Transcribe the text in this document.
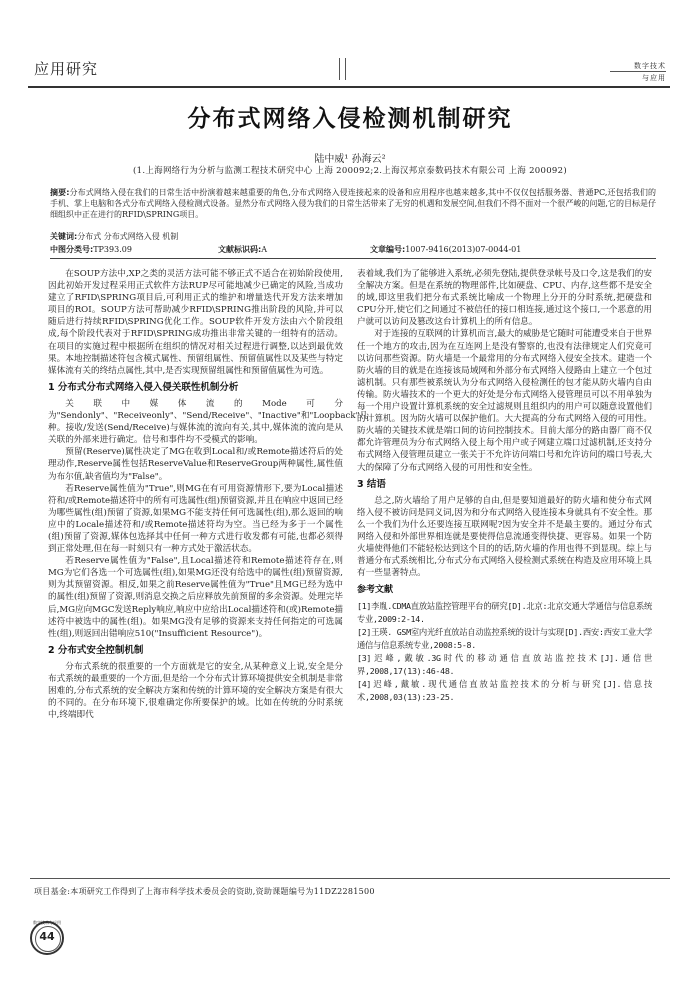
应用研究	数字技术
与应用
分布式网络入侵检测机制研究
陆中威¹ 孙海云²
(1.上海网络行为分析与监测工程技术研究中心 上海 200092;2.上海汉邦京泰数码技术有限公司 上海 200092)
摘要:分布式网络入侵在我们的日常生活中扮演着越来越重要的角色,分布式网络入侵连接起来的设备和应用程序也越来越多,其中不仅仅包括服务器、普通PC,还包括我们的手机、掌上电脑和各式分布式网络入侵检测式设备。显然分布式网络入侵为我们的日常生活带来了无穷的机遇和发展空间,但我们不得不面对一个很严峻的问题,它的目标是仔细组织中正在进行的RFID\SPRING项目。
关键词:分布式 分布式网络入侵 机制
中图分类号:TP393.09	文献标识码:A	文章编号:1007-9416(2013)07-0044-01

在SOUP方法中,XP之类的灵活方法可能不够正式不适合在初始阶段使用,因此初始开发过程采用正式软件方法RUP尽可能地减少已确定的风险,当成功建立了RFID\SPRING项目后,可利用正式的维护和增量迭代开发方法来增加项目的ROI。SOUP方法可帮助减少RFID\SPRING推出阶段的风险,并可以随后进行持续RFID\SPRING优化工作。SOUP软件开发方法由六个阶段组成,每个阶段代表对于RFID\SPRING成功推出非常关键的一组特有的活动。在项目的实施过程中根据所在组织的情况对相关过程进行调整,以达到最优效果。本地控制描述符包含模式属性、预留组属性、预留值属性以及某些与特定媒体流有关的终结点属性,其中,是否实现预留组属性和预留值属性为可选。

1 分布式分布式网络入侵入侵关联性机制分析

关联中媒体流的Mode可分为"Sendonly"、"Receiveonly"、"Send/Receive"、"Inactive"和"Loopback"几种。接收/发送(Send/Receive)与媒体流的流向有关,其中,媒体流的流向是从关联的外部来进行确定。信号和事件均不受模式的影响。

预留(Reserve)属性决定了MG在收到Local和/或Remote描述符后的处理动作,Reserve属性包括ReserveValue和ReserveGroup两种属性,属性值为布尔值,缺省值均为"False"。

若Reserve属性值为"True",则MG在有可用资源情形下,要为Local描述符和/或Remote描述符中的所有可选属性(组)预留资源,并且在响应中返回已经为哪些属性(组)预留了资源,如果MG不能支持任何可选属性(组),那么返回的响应中的Locale描述符和/或Remote描述符均为空。当已经为多于一个属性(组)预留了资源,媒体包选择其中任何一种方式进行收发都有可能,也都必须得到正常处理,但在每一时刻只有一种方式处于激活状态。

若Reserve属性值为"False",且Local描述符和Remote描述符存在,则MG为它们各选一个可选属性(组),如果MG还没有给选中的属性(组)预留资源,则为其预留资源。相反,如果之前Reserve属性值为"True"且MG已经为选中的属性(组)预留了资源,则消息交换之后应释放先前预留的多余资源。处理完毕后,MG应向MGC发送Reply响应,响应中应给出Local描述符和(或)Remote描述符中被选中的属性(组)。如果MG没有足够的资源来支持任何指定的可选属性(组),则返回出错响应510("Insufficient Resource")。

2 分布式安全控制机制

分布式系统的很重要的一个方面就是它的安全,从某种意义上说,安全是分布式系统的最重要的一个方面,但是给一个分布式计算环境提供安全机制是非常困难的,分布式系统的安全解决方案和传统的计算环境的安全解决方案是有很大的不同的。在分布环境下,很难确定你所要保护的域。比如在传统的分时系统中,终端即代

表着域,我们为了能够进入系统,必须先登陆,提供登录帐号及口令,这是我们的安全解决方案。但是在系统的物理部件,比如硬盘、CPU、内存,这些都不是安全的域,即这里我们把分布式系统比喻成一个物理上分开的分时系统,把硬盘和CPU分开,使它们之间通过不被信任的接口相连接,通过这个接口,一个恶意的用户就可以访问及篡改这台计算机上的所有信息。

对于连接的互联网的计算机而言,最大的威胁是它随时可能遭受来自于世界任一个地方的攻击,因为在互连网上是没有警察的,也没有法律规定人们究竟可以访问那些资源。防火墙是一个最常用的分布式网络入侵安全技术。建造一个防火墙的目的就是在连接该局域网和外部分布式网络入侵路由上建立一个包过滤机制。只有那些被系统认为分布式网络入侵检测任的包才能从防火墙内自由传输。防火墙技术的一个更大的好处是分布式网络入侵管理员可以不用单独为每一个用户设置计算机系统的安全过滤规则且组织内的用户可以随意设置他们的计算机。因为防火墙可以保护他们。大大提高的分布式网络入侵的可用性。防火墙的关键技术就是端口间的访问控制技术。目前大部分的路由器厂商不仅都允许管理员为分布式网络入侵上每个用户或子网建立端口过滤机制,还支持分布式网络入侵管理员建立一张关于不允许访问端口号和允许访问的端口号表,大大的保障了分布式网络入侵的可用性和安全性。

3 结语

总之,防火墙给了用户足够的自由,但是要知道最好的防火墙和使分布式网络入侵不被访问是同义词,因为和分布式网络入侵连接本身就具有不安全性。那么一个我们为什么还要连接互联网呢?因为安全并不是最主要的。通过分布式网络入侵和外部世界相连就是要使得信息流通变得快捷、更容易。如果一个防火墙使得他们不能轻松达到这个目的的话,防火墙的作用也得不到显现。综上与普通分布式系统相比,分布式分布式网络入侵检测式系统在构造及应用环境上具有一些显著特点。

参考文献
[1]李胤.CDMA直放站监控管理平台的研究[D].北京:北京交通大学通信与信息系统专业,2009:2-14.
[2]王瑛. GSM室内光纤直放站自动监控系统的设计与实现[D].西安:西安工业大学通信与信息系统专业,2008:5-8.
[3]迟峰,戴敏.3G时代的移动通信直放站监控技术[J].通信世界,2008,17(13):46-48.
[4]迟峰,戴敏.现代通信直放站监控技术的分析与研究[J].信息技术,2008,03(13):23-25.
项目基金:本项研究工作得到了上海市科学技术委员会的资助,资助课题编号为11DZ2281500
数字技术与应用
44
